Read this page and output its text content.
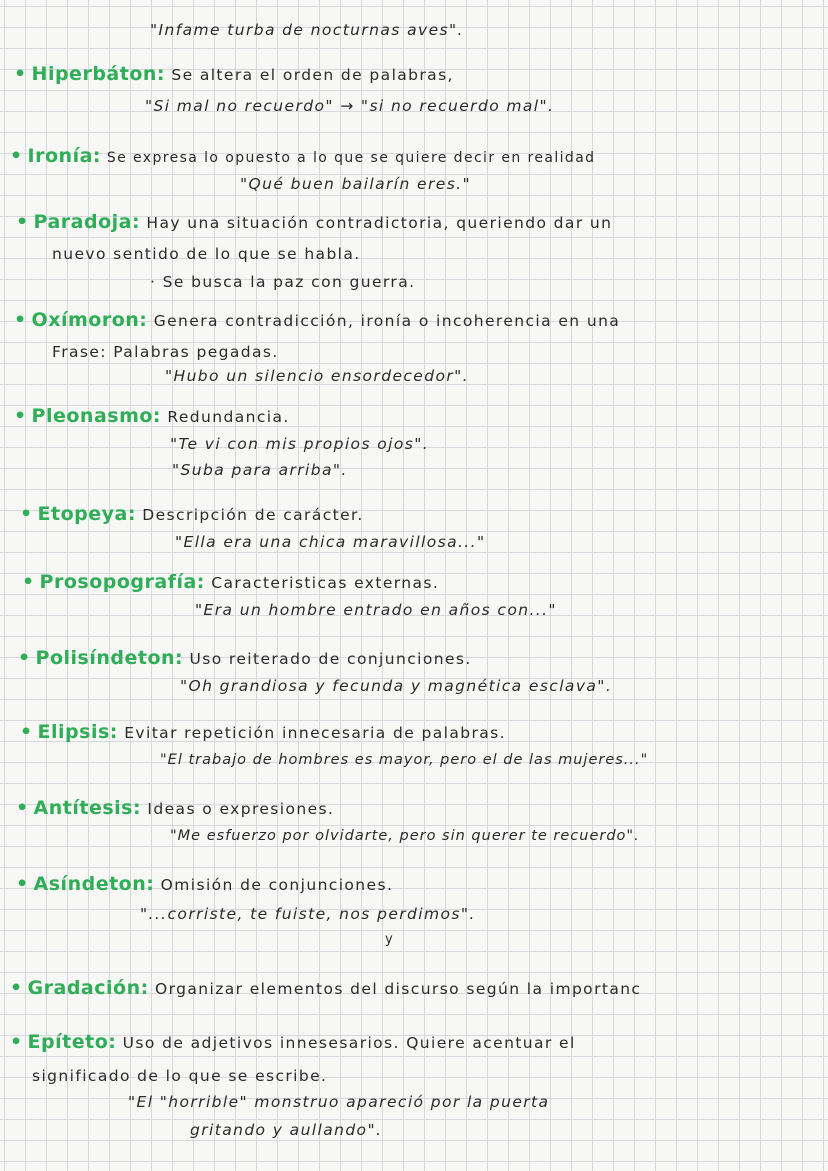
"Infame turba de nocturnas aves".
• Hiperbáton: Se altera el orden de palabras,
"Si mal no recuerdo" → "si no recuerdo mal".
• Ironía: Se expresa lo opuesto a lo que se quiere decir en realidad
"Qué buen bailarín eres."
• Paradoja: Hay una situación contradictoria, queriendo dar un
nuevo sentido de lo que se habla.
· Se busca la paz con guerra.
• Oxímoron: Genera contradicción, ironía o incoherencia en una
Frase: Palabras pegadas.
"Hubo un silencio ensordecedor".
• Pleonasmo: Redundancia.
"Te vi con mis propios ojos".
"Suba para arriba".
• Etopeya: Descripción de carácter.
"Ella era una chica maravillosa..."
• Prosopografía: Caracteristicas externas.
"Era un hombre entrado en años con..."
• Polisíndeton: Uso reiterado de conjunciones.
"Oh grandiosa y fecunda y magnética esclava".
• Elipsis: Evitar repetición innecesaria de palabras.
"El trabajo de hombres es mayor, pero el de las mujeres..."
• Antítesis: Ideas o expresiones.
"Me esfuerzo por olvidarte, pero sin querer te recuerdo".
• Asíndeton: Omisión de conjunciones.
"...corriste, te fuiste, nos perdimos".
y
• Gradación: Organizar elementos del discurso según la importanc
• Epíteto: Uso de adjetivos innesesarios. Quiere acentuar el
significado de lo que se escribe.
"El "horrible" monstruo apareció por la puerta
gritando y aullando".
